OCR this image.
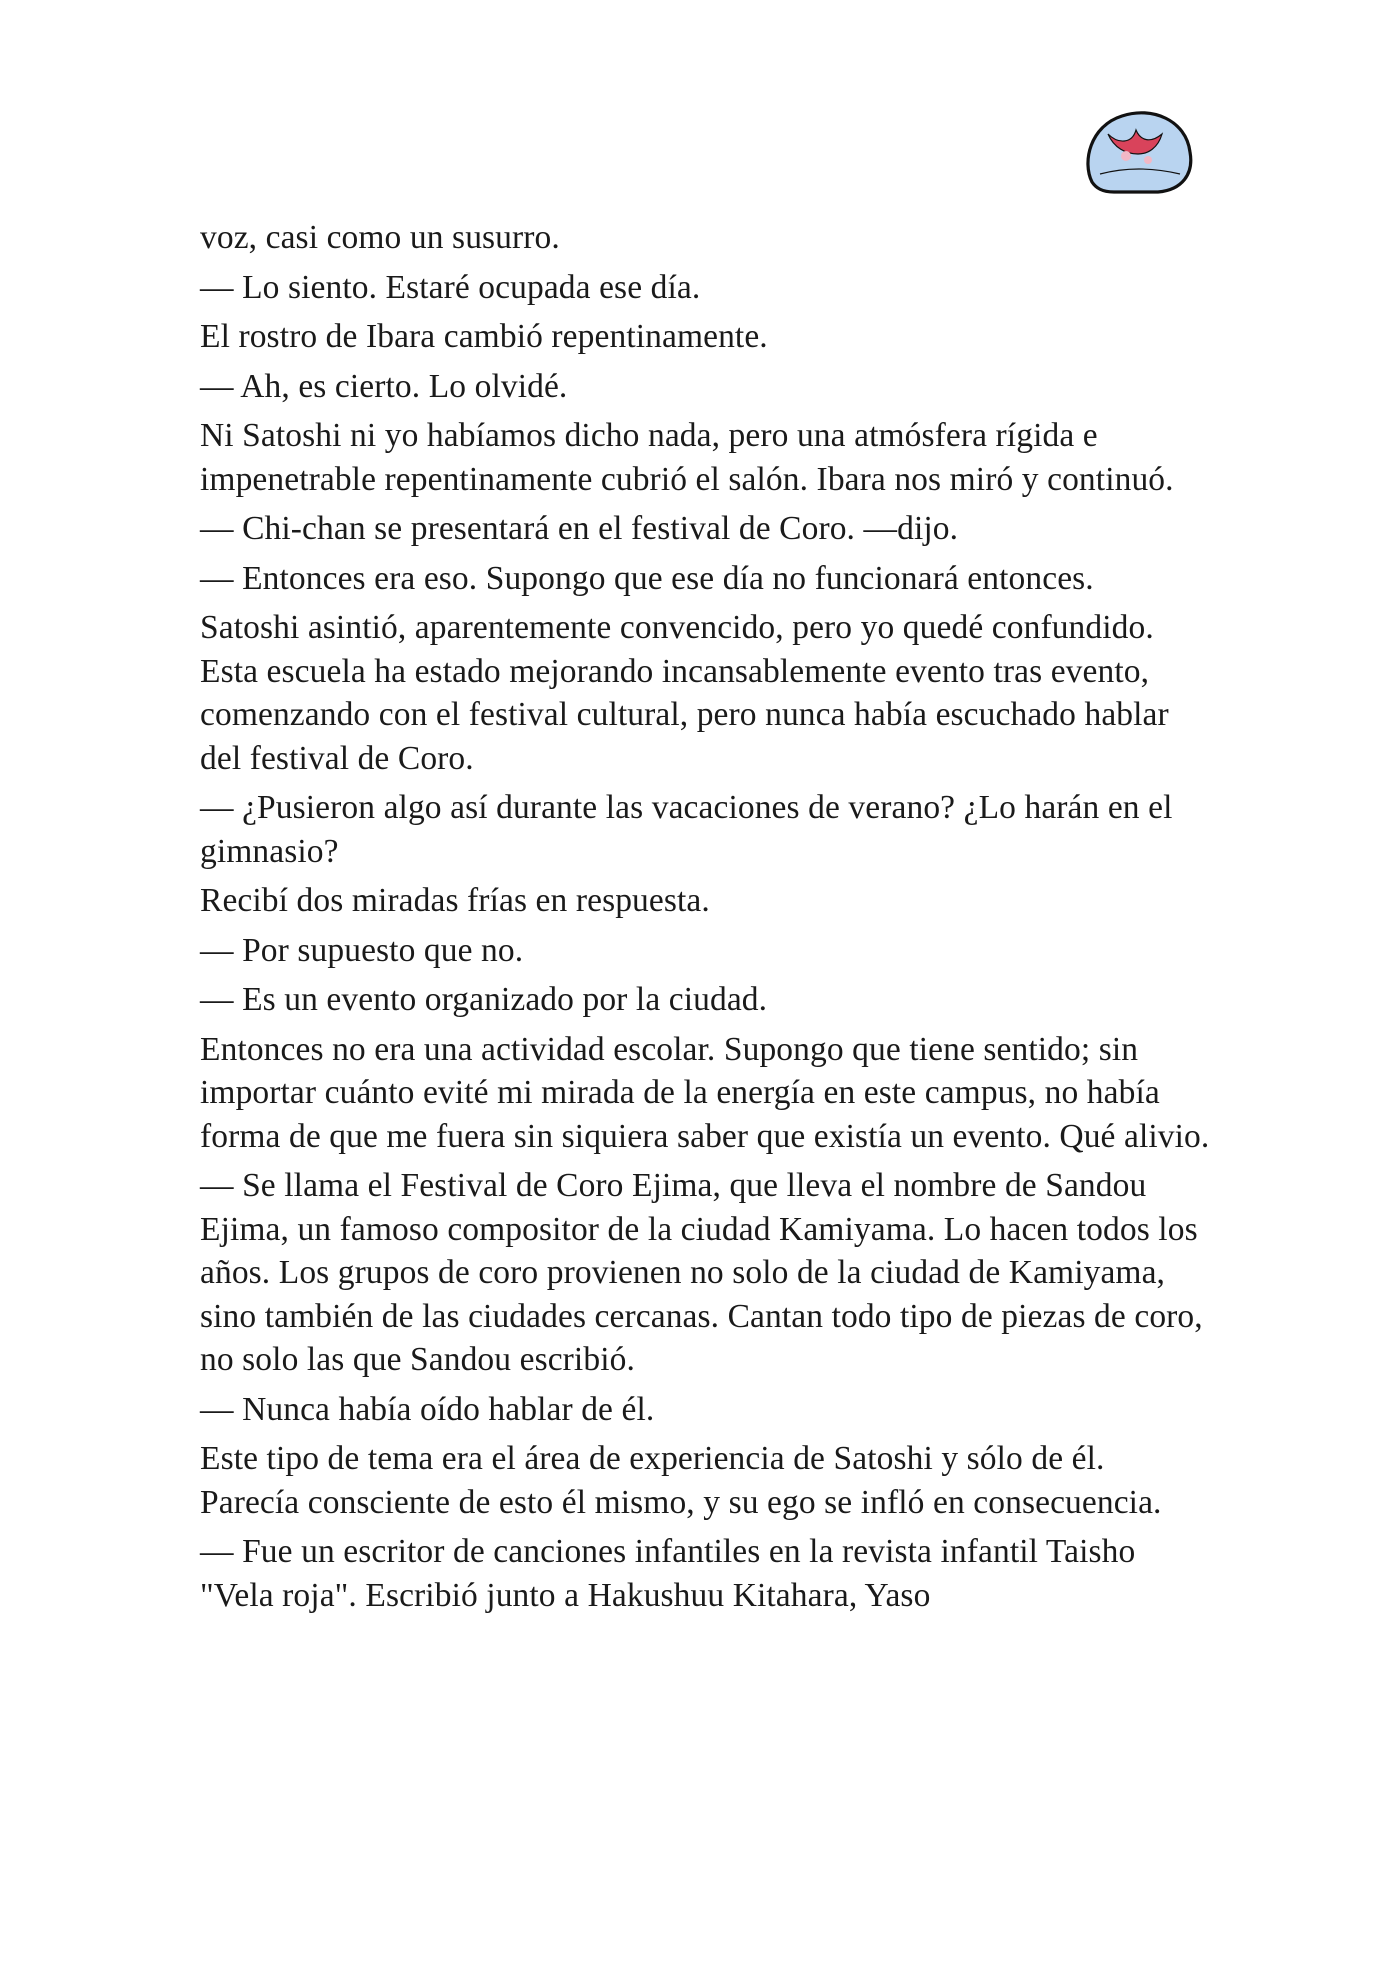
voz, casi como un susurro.

— Lo siento. Estaré ocupada ese día.

El rostro de Ibara cambió repentinamente.

— Ah, es cierto. Lo olvidé.

Ni Satoshi ni yo habíamos dicho nada, pero una atmósfera rígida e impenetrable repentinamente cubrió el salón. Ibara nos miró y continuó.

— Chi-chan se presentará en el festival de Coro. —dijo.

— Entonces era eso. Supongo que ese día no funcionará entonces.

Satoshi asintió, aparentemente convencido, pero yo quedé confundido. Esta escuela ha estado mejorando incansablemente evento tras evento, comenzando con el festival cultural, pero nunca había escuchado hablar del festival de Coro.

— ¿Pusieron algo así durante las vacaciones de verano? ¿Lo harán en el gimnasio?

Recibí dos miradas frías en respuesta.

— Por supuesto que no.

— Es un evento organizado por la ciudad.

Entonces no era una actividad escolar. Supongo que tiene sentido; sin importar cuánto evité mi mirada de la energía en este campus, no había forma de que me fuera sin siquiera saber que existía un evento. Qué alivio.

— Se llama el Festival de Coro Ejima, que lleva el nombre de Sandou Ejima, un famoso compositor de la ciudad Kamiyama. Lo hacen todos los años. Los grupos de coro provienen no solo de la ciudad de Kamiyama, sino también de las ciudades cercanas. Cantan todo tipo de piezas de coro, no solo las que Sandou escribió.

— Nunca había oído hablar de él.

Este tipo de tema era el área de experiencia de Satoshi y sólo de él. Parecía consciente de esto él mismo, y su ego se infló en consecuencia.

— Fue un escritor de canciones infantiles en la revista infantil Taisho "Vela roja". Escribió junto a Hakushuu Kitahara, Yaso
